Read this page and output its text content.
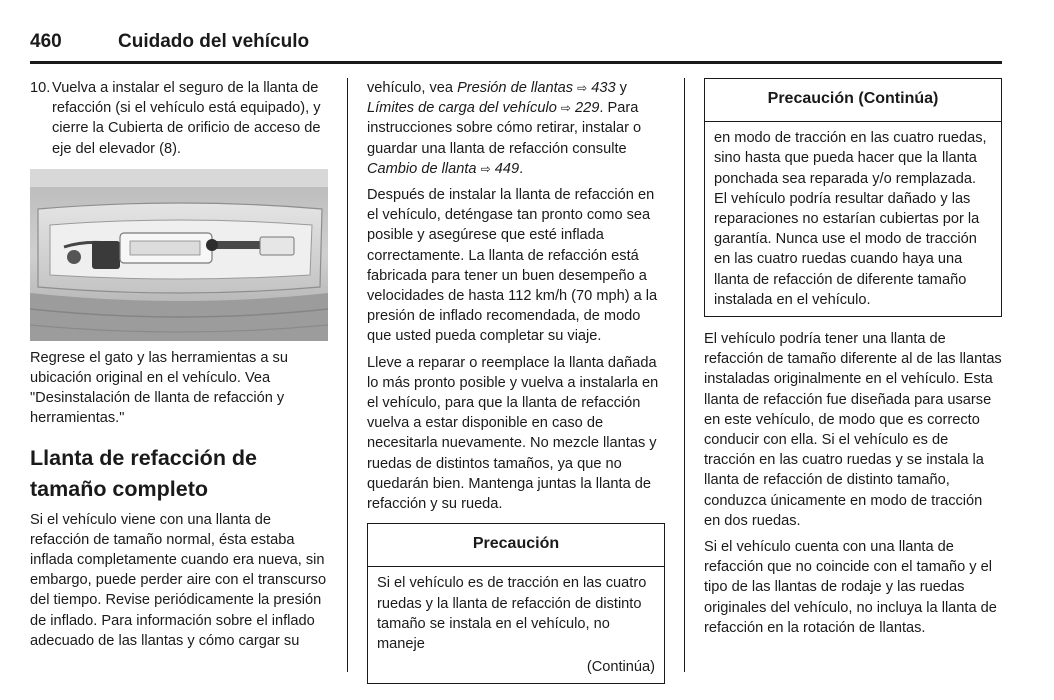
460	Cuidado del vehículo
10. Vuelva a instalar el seguro de la llanta de refacción (si el vehículo está equipado), y cierre la Cubierta de orificio de acceso de eje del elevador (8).

Regrese el gato y las herramientas a su ubicación original en el vehículo. Vea "Desinstalación de llanta de refacción y herramientas."

Llanta de refacción de tamaño completo

Si el vehículo viene con una llanta de refacción de tamaño normal, ésta estaba inflada completamente cuando era nueva, sin embargo, puede perder aire con el transcurso del tiempo. Revise periódicamente la presión de inflado. Para información sobre el inflado adecuado de las llantas y cómo cargar su

vehículo, vea Presión de llantas ⇨ 433 y Límites de carga del vehículo ⇨ 229. Para instrucciones sobre cómo retirar, instalar o guardar una llanta de refacción consulte Cambio de llanta ⇨ 449.

Después de instalar la llanta de refacción en el vehículo, deténgase tan pronto como sea posible y asegúrese que esté inflada correctamente. La llanta de refacción está fabricada para tener un buen desempeño a velocidades de hasta 112 km/h (70 mph) a la presión de inflado recomendada, de modo que usted pueda completar su viaje.

Lleve a reparar o reemplace la llanta dañada lo más pronto posible y vuelva a instalarla en el vehículo, para que la llanta de refacción vuelva a estar disponible en caso de necesitarla nuevamente. No mezcle llantas y ruedas de distintos tamaños, ya que no quedarán bien. Mantenga juntas la llanta de refacción y su rueda.

Precaución
Si el vehículo es de tracción en las cuatro ruedas y la llanta de refacción de distinto tamaño se instala en el vehículo, no maneje
(Continúa)
Precaución (Continúa)
en modo de tracción en las cuatro ruedas, sino hasta que pueda hacer que la llanta ponchada sea reparada y/o remplazada. El vehículo podría resultar dañado y las reparaciones no estarían cubiertas por la garantía. Nunca use el modo de tracción en las cuatro ruedas cuando haya una llanta de refacción de diferente tamaño instalada en el vehículo.

El vehículo podría tener una llanta de refacción de tamaño diferente al de las llantas instaladas originalmente en el vehículo. Esta llanta de refacción fue diseñada para usarse en este vehículo, de modo que es correcto conducir con ella. Si el vehículo es de tracción en las cuatro ruedas y se instala la llanta de refacción de distinto tamaño, conduzca únicamente en modo de tracción en dos ruedas.

Si el vehículo cuenta con una llanta de refacción que no coincide con el tamaño y el tipo de las llantas de rodaje y las ruedas originales del vehículo, no incluya la llanta de refacción en la rotación de llantas.
